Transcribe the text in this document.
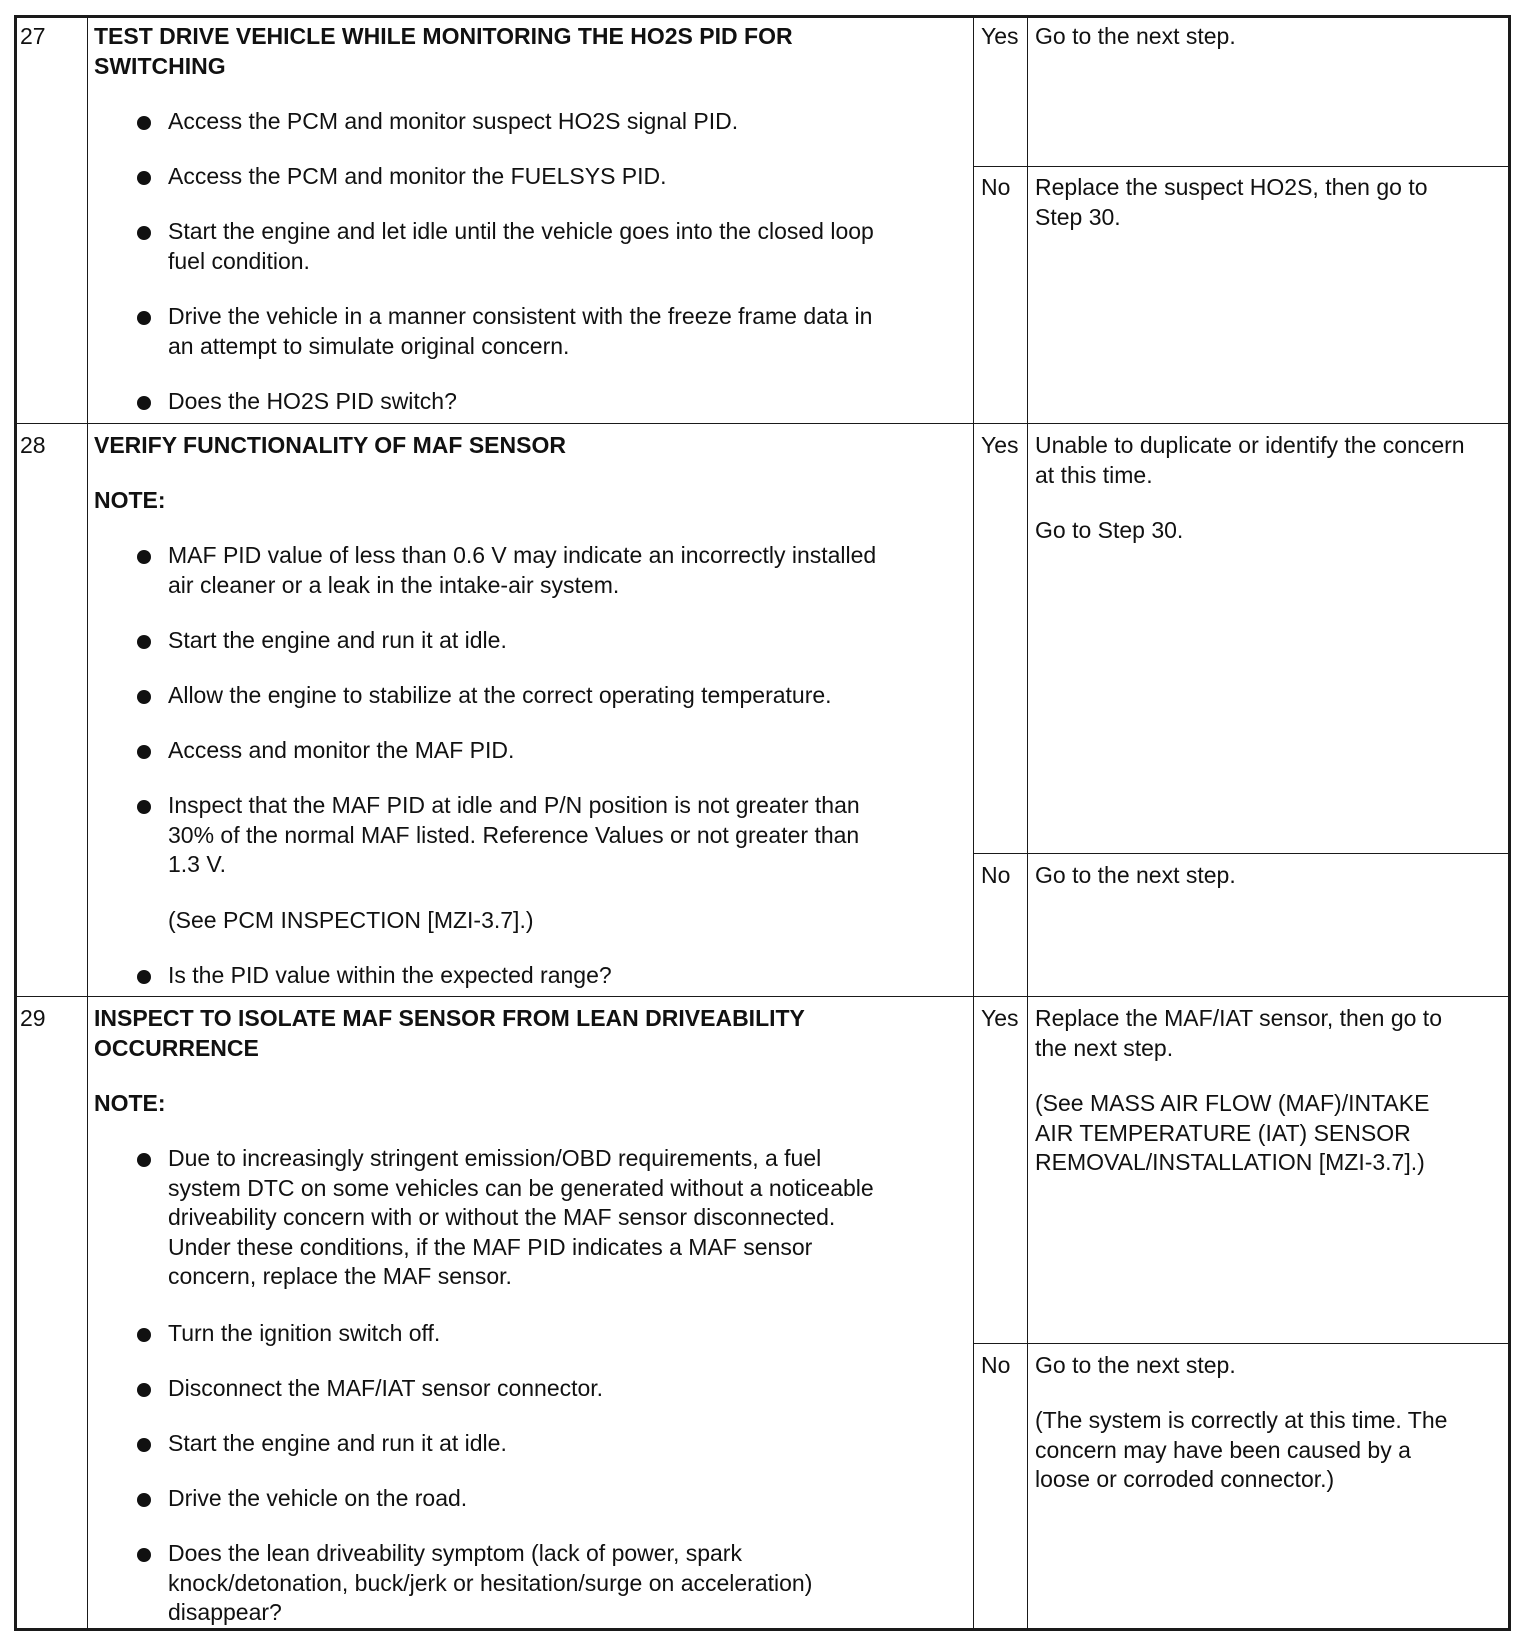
27 TEST DRIVE VEHICLE WHILE MONITORING THE HO2S PID FOR
SWITCHING
Access the PCM and monitor suspect HO2S signal PID.
Access the PCM and monitor the FUELSYS PID.
Start the engine and let idle until the vehicle goes into the closed loop
fuel condition.
Drive the vehicle in a manner consistent with the freeze frame data in
an attempt to simulate original concern.
Does the HO2S PID switch?
Yes Go to the next step.
No Replace the suspect HO2S, then go to
Step 30.
28 VERIFY FUNCTIONALITY OF MAF SENSOR
NOTE:
MAF PID value of less than 0.6 V may indicate an incorrectly installed
air cleaner or a leak in the intake-air system.
Start the engine and run it at idle.
Allow the engine to stabilize at the correct operating temperature.
Access and monitor the MAF PID.
Inspect that the MAF PID at idle and P/N position is not greater than
30% of the normal MAF listed. Reference Values or not greater than
1.3 V.
(See PCM INSPECTION [MZI-3.7].)
Is the PID value within the expected range?
Yes Unable to duplicate or identify the concern
at this time.
Go to Step 30.
No Go to the next step.
29 INSPECT TO ISOLATE MAF SENSOR FROM LEAN DRIVEABILITY
OCCURRENCE
NOTE:
Due to increasingly stringent emission/OBD requirements, a fuel
system DTC on some vehicles can be generated without a noticeable
driveability concern with or without the MAF sensor disconnected.
Under these conditions, if the MAF PID indicates a MAF sensor
concern, replace the MAF sensor.
Turn the ignition switch off.
Disconnect the MAF/IAT sensor connector.
Start the engine and run it at idle.
Drive the vehicle on the road.
Does the lean driveability symptom (lack of power, spark
knock/detonation, buck/jerk or hesitation/surge on acceleration)
disappear?
Yes Replace the MAF/IAT sensor, then go to
the next step.
(See MASS AIR FLOW (MAF)/INTAKE
AIR TEMPERATURE (IAT) SENSOR
REMOVAL/INSTALLATION [MZI-3.7].)
No Go to the next step.
(The system is correctly at this time. The
concern may have been caused by a
loose or corroded connector.)
